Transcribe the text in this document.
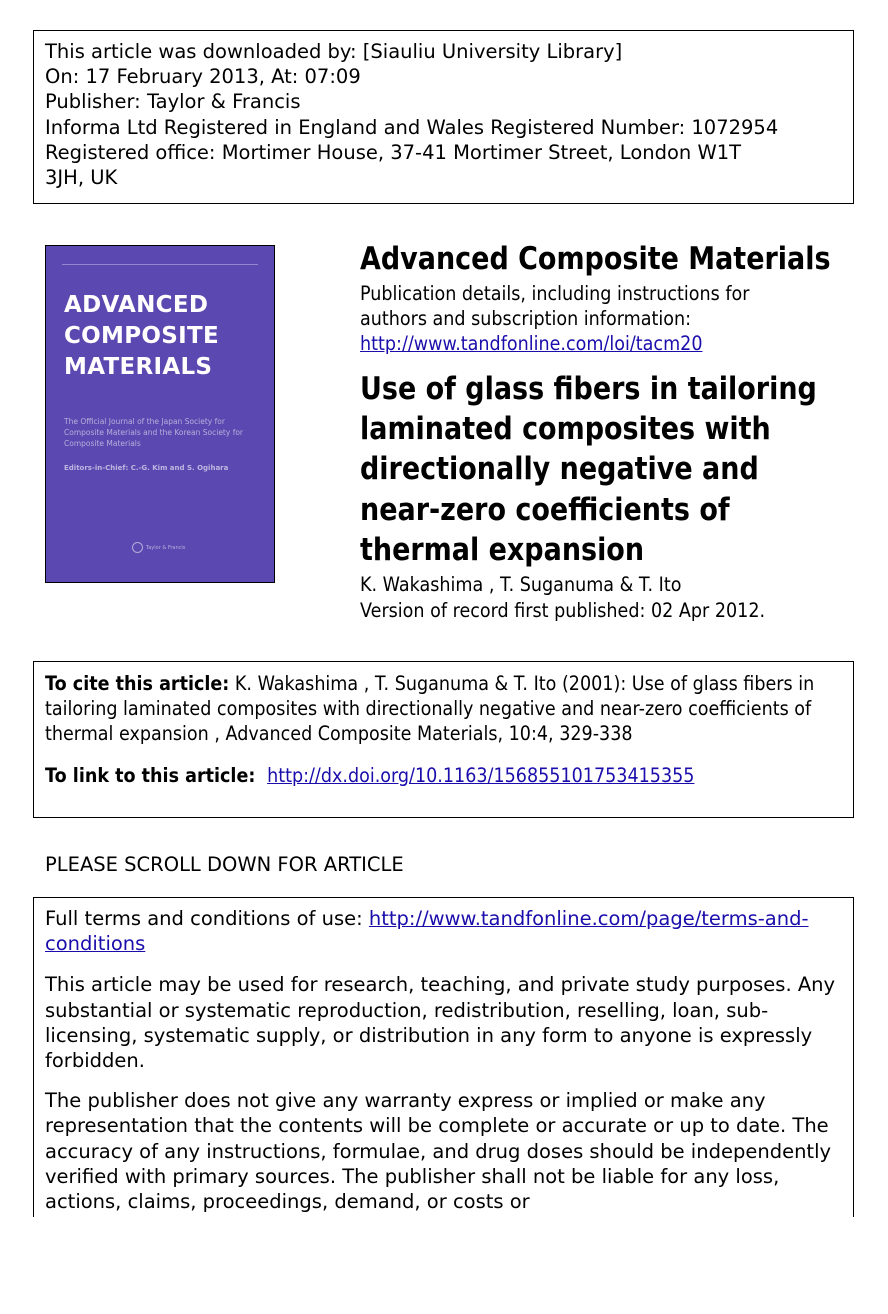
This article was downloaded by: [Siauliu University Library]
On: 17 February 2013, At: 07:09
Publisher: Taylor & Francis
Informa Ltd Registered in England and Wales Registered Number: 1072954
Registered office: Mortimer House, 37-41 Mortimer Street, London W1T
3JH, UK
ADVANCED
COMPOSITE
MATERIALS
The Official Journal of the Japan Society for Composite Materials and the Korean Society for Composite Materials
Editors-in-Chief: C.-G. Kim and S. Ogihara
Taylor & Francis
Advanced Composite Materials
Publication details, including instructions for
authors and subscription information:
http://www.tandfonline.com/loi/tacm20
Use of glass fibers in tailoring laminated composites with directionally negative and near-zero coefficients of thermal expansion
K. Wakashima , T. Suganuma & T. Ito
Version of record first published: 02 Apr 2012.
To cite this article: K. Wakashima , T. Suganuma & T. Ito (2001): Use of glass fibers in tailoring laminated composites with directionally negative and near-zero coefficients of thermal expansion , Advanced Composite Materials, 10:4, 329-338
To link to this article:  http://dx.doi.org/10.1163/156855101753415355
PLEASE SCROLL DOWN FOR ARTICLE

Full terms and conditions of use: http://www.tandfonline.com/page/terms-and-conditions

This article may be used for research, teaching, and private study purposes. Any substantial or systematic reproduction, redistribution, reselling, loan, sub-licensing, systematic supply, or distribution in any form to anyone is expressly forbidden.

The publisher does not give any warranty express or implied or make any representation that the contents will be complete or accurate or up to date. The accuracy of any instructions, formulae, and drug doses should be independently verified with primary sources. The publisher shall not be liable for any loss, actions, claims, proceedings, demand, or costs or
